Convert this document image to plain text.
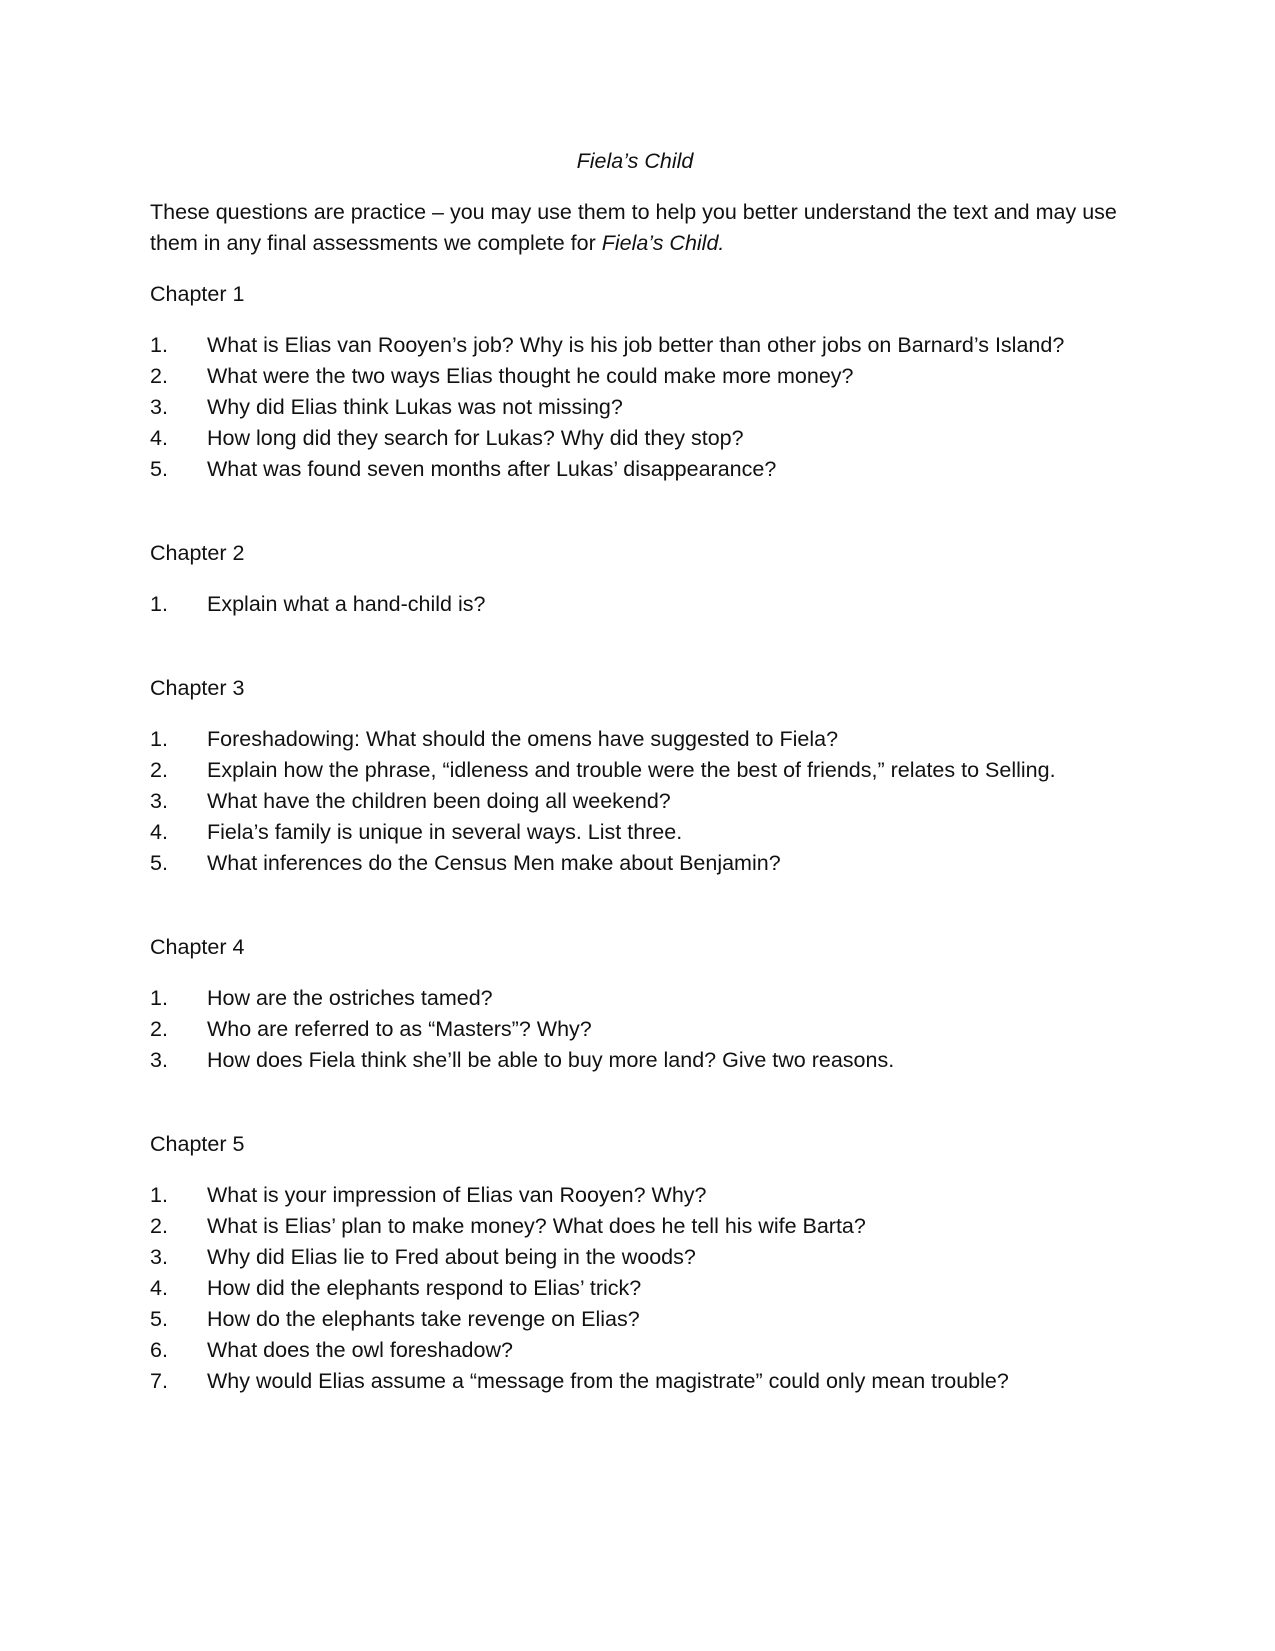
Fiela’s Child

These questions are practice – you may use them to help you better understand the text and may use them in any final assessments we complete for Fiela’s Child.

Chapter 1
1.	What is Elias van Rooyen’s job? Why is his job better than other jobs on Barnard’s Island?
2.	What were the two ways Elias thought he could make more money?
3.	Why did Elias think Lukas was not missing?
4.	How long did they search for Lukas? Why did they stop?
5.	What was found seven months after Lukas’ disappearance?
Chapter 2
1.	Explain what a hand-child is?
Chapter 3
1.	Foreshadowing: What should the omens have suggested to Fiela?
2.	Explain how the phrase, “idleness and trouble were the best of friends,” relates to Selling.
3.	What have the children been doing all weekend?
4.	Fiela’s family is unique in several ways. List three.
5.	What inferences do the Census Men make about Benjamin?
Chapter 4
1.	How are the ostriches tamed?
2.	Who are referred to as “Masters”? Why?
3.	How does Fiela think she’ll be able to buy more land? Give two reasons.
Chapter 5
1.	What is your impression of Elias van Rooyen? Why?
2.	What is Elias’ plan to make money? What does he tell his wife Barta?
3.	Why did Elias lie to Fred about being in the woods?
4.	How did the elephants respond to Elias’ trick?
5.	How do the elephants take revenge on Elias?
6.	What does the owl foreshadow?
7.	Why would Elias assume a “message from the magistrate” could only mean trouble?
